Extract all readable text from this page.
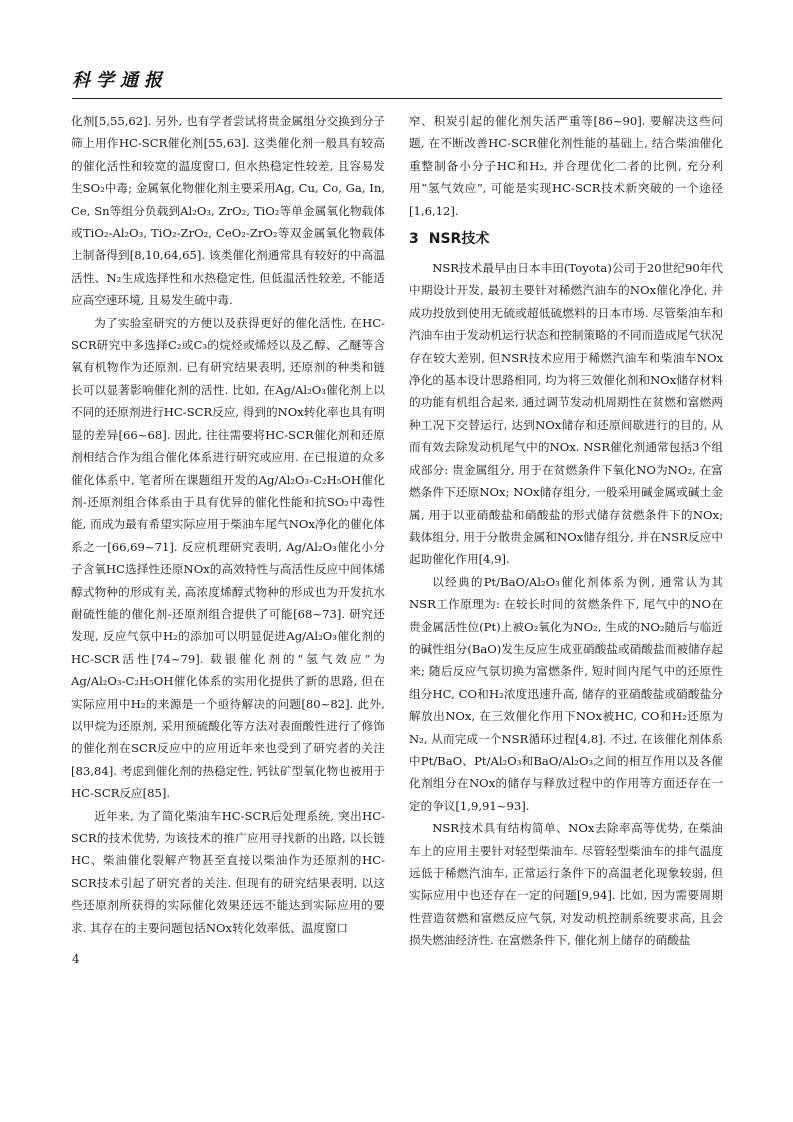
科学通报

化剂[5,55,62]. 另外, 也有学者尝试将贵金属组分交换到分子筛上用作HC-SCR催化剂[55,63]. 这类催化剂一般具有较高的催化活性和较宽的温度窗口, 但水热稳定性较差, 且容易发生SO₂中毒; 金属氧化物催化剂主要采用Ag, Cu, Co, Ga, In, Ce, Sn等组分负载到Al₂O₃, ZrO₂, TiO₂等单金属氧化物载体或TiO₂-Al₂O₃, TiO₂-ZrO₂, CeO₂-ZrO₂等双金属氧化物载体上制备得到[8,10,64,65]. 该类催化剂通常具有较好的中高温活性、N₂生成选择性和水热稳定性, 但低温活性较差, 不能适应高空速环境, 且易发生硫中毒.

为了实验室研究的方便以及获得更好的催化活性, 在HC-SCR研究中多选择C₂或C₃的烷烃或烯烃以及乙醇、乙醚等含氧有机物作为还原剂. 已有研究结果表明, 还原剂的种类和链长可以显著影响催化剂的活性. 比如, 在Ag/Al₂O₃催化剂上以不同的还原剂进行HC-SCR反应, 得到的NOx转化率也具有明显的差异[66~68]. 因此, 往往需要将HC-SCR催化剂和还原剂相结合作为组合催化体系进行研究或应用. 在已报道的众多催化体系中, 笔者所在课题组开发的Ag/Al₂O₃-C₂H₅OH催化剂-还原剂组合体系由于具有优异的催化性能和抗SO₂中毒性能, 而成为最有希望实际应用于柴油车尾气NOx净化的催化体系之一[66,69~71]. 反应机理研究表明, Ag/Al₂O₃催化小分子含氧HC选择性还原NOx的高效特性与高活性反应中间体烯醇式物种的形成有关, 高浓度烯醇式物种的形成也为开发抗水耐硫性能的催化剂-还原剂组合提供了可能[68~73]. 研究还发现, 反应气氛中H₂的添加可以明显促进Ag/Al₂O₃催化剂的HC-SCR活性[74~79]. 载银催化剂的“氢气效应”为Ag/Al₂O₃-C₂H₅OH催化体系的实用化提供了新的思路, 但在实际应用中H₂的来源是一个亟待解决的问题[80~82]. 此外, 以甲烷为还原剂, 采用预硫酸化等方法对表面酸性进行了修饰的催化剂在SCR反应中的应用近年来也受到了研究者的关注[83,84]. 考虑到催化剂的热稳定性, 钙钛矿型氧化物也被用于HC-SCR反应[85].

近年来, 为了简化柴油车HC-SCR后处理系统, 突出HC-SCR的技术优势, 为该技术的推广应用寻找新的出路, 以长链HC、柴油催化裂解产物甚至直接以柴油作为还原剂的HC-SCR技术引起了研究者的关注. 但现有的研究结果表明, 以这些还原剂所获得的实际催化效果还远不能达到实际应用的要求. 其存在的主要问题包括NOx转化效率低、温度窗口

窄、积炭引起的催化剂失活严重等[86~90]. 要解决这些问题, 在不断改善HC-SCR催化剂性能的基础上, 结合柴油催化重整制备小分子HC和H₂, 并合理优化二者的比例, 充分利用“氢气效应”, 可能是实现HC-SCR技术新突破的一个途径[1,6,12].

3 NSR技术

NSR技术最早由日本丰田(Toyota)公司于20世纪90年代中期设计开发, 最初主要针对稀燃汽油车的NOx催化净化, 并成功投放到使用无硫或超低硫燃料的日本市场. 尽管柴油车和汽油车由于发动机运行状态和控制策略的不同而造成尾气状况存在较大差别, 但NSR技术应用于稀燃汽油车和柴油车NOx净化的基本设计思路相同, 均为将三效催化剂和NOx储存材料的功能有机组合起来, 通过调节发动机周期性在贫燃和富燃两种工况下交替运行, 达到NOx储存和还原间歇进行的目的, 从而有效去除发动机尾气中的NOx. NSR催化剂通常包括3个组成部分: 贵金属组分, 用于在贫燃条件下氧化NO为NO₂, 在富燃条件下还原NOx; NOx储存组分, 一般采用碱金属或碱土金属, 用于以亚硝酸盐和硝酸盐的形式储存贫燃条件下的NOx; 载体组分, 用于分散贵金属和NOx储存组分, 并在NSR反应中起助催化作用[4,9].

以经典的Pt/BaO/Al₂O₃催化剂体系为例, 通常认为其NSR工作原理为: 在较长时间的贫燃条件下, 尾气中的NO在贵金属活性位(Pt)上被O₂氧化为NO₂, 生成的NO₂随后与临近的碱性组分(BaO)发生反应生成亚硝酸盐或硝酸盐而被储存起来; 随后反应气氛切换为富燃条件, 短时间内尾气中的还原性组分HC, CO和H₂浓度迅速升高, 储存的亚硝酸盐或硝酸盐分解放出NOx, 在三效催化作用下NOx被HC, CO和H₂还原为N₂, 从而完成一个NSR循环过程[4,8]. 不过, 在该催化剂体系中Pt/BaO、Pt/Al₂O₃和BaO/Al₂O₃之间的相互作用以及各催化剂组分在NOx的储存与释放过程中的作用等方面还存在一定的争议[1,9,91~93].

NSR技术具有结构简单、NOx去除率高等优势, 在柴油车上的应用主要针对轻型柴油车. 尽管轻型柴油车的排气温度远低于稀燃汽油车, 正常运行条件下的高温老化现象较弱, 但实际应用中也还存在一定的问题[9,94]. 比如, 因为需要周期性营造贫燃和富燃反应气氛, 对发动机控制系统要求高, 且会损失燃油经济性. 在富燃条件下, 催化剂上储存的硝酸盐

4
